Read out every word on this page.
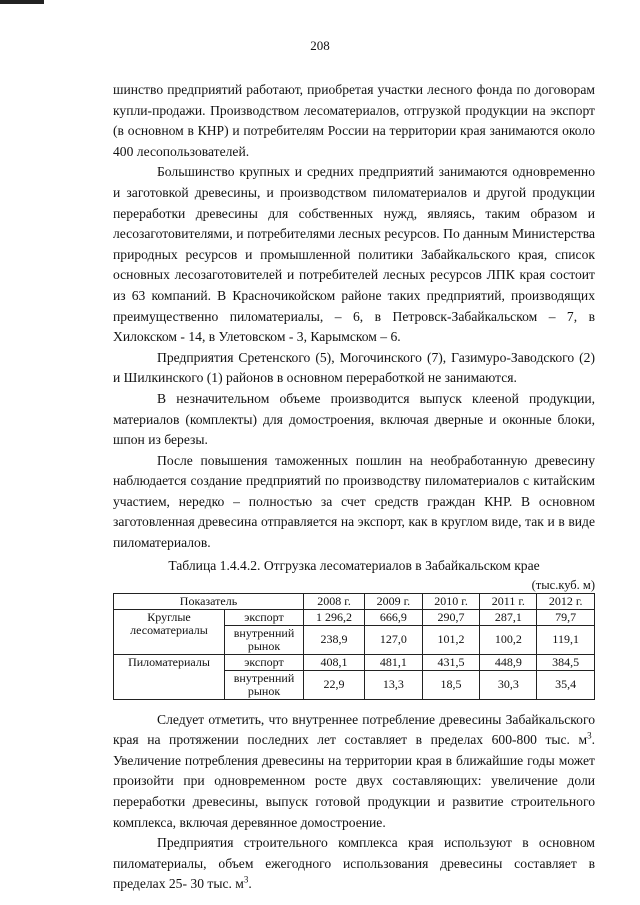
208

шинство предприятий работают, приобретая участки лесного фонда по договорам купли-продажи. Производством лесоматериалов, отгрузкой продукции на экспорт (в основном в КНР) и потребителям России на территории края занимаются около 400 лесопользователей.

Большинство крупных и средних предприятий занимаются одновременно и заготовкой древесины, и производством пиломатериалов и другой продукции переработки древесины для собственных нужд, являясь, таким образом и лесозаготовителями, и потребителями лесных ресурсов. По данным Министерства природных ресурсов и промышленной политики Забайкальского края, список основных лесозаготовителей и потребителей лесных ресурсов ЛПК края состоит из 63 компаний. В Красночикойском районе таких предприятий, производящих преимущественно пиломатериалы, – 6, в Петровск-Забайкальском – 7, в Хилокском - 14, в Улетовском - 3, Карымском – 6.

Предприятия Сретенского (5), Могочинского (7), Газимуро-Заводского (2) и Шилкинского (1) районов в основном переработкой не занимаются.

В незначительном объеме производится выпуск клееной продукции, материалов (комплекты) для домостроения, включая дверные и оконные блоки, шпон из березы.

После повышения таможенных пошлин на необработанную древесину наблюдается создание предприятий по производству пиломатериалов с китайским участием, нередко – полностью за счет средств граждан КНР. В основном заготовленная древесина отправляется на экспорт, как в круглом виде, так и в виде пиломатериалов.

Таблица 1.4.4.2. Отгрузка лесоматериалов в Забайкальском крае
(тыс.куб. м)
Показатель		2008 г.	2009 г.	2010 г.	2011 г.	2012 г.
Круглые лесоматериалы	экспорт	1 296,2	666,9	290,7	287,1	79,7
	внутренний рынок	238,9	127,0	101,2	100,2	119,1
Пиломатериалы	экспорт	408,1	481,1	431,5	448,9	384,5
	внутренний рынок	22,9	13,3	18,5	30,3	35,4

Следует отметить, что внутреннее потребление древесины Забайкальского края на протяжении последних лет составляет в пределах 600-800 тыс. $м^3$. Увеличение потребления древесины на территории края в ближайшие годы может произойти при одновременном росте двух составляющих: увеличение доли переработки древесины, выпуск готовой продукции и развитие строительного комплекса, включая деревянное домостроение.

Предприятия строительного комплекса края используют в основном пиломатериалы, объем ежегодного использования древесины составляет в пределах 25- 30 тыс. $м^3$.
